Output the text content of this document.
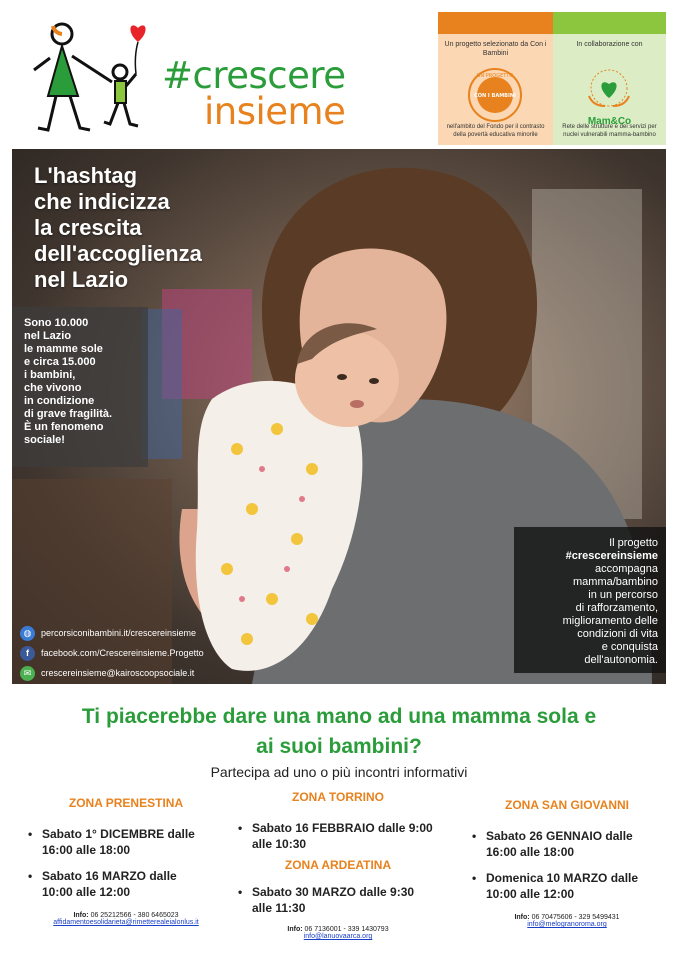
#crescere
insieme
Un progetto selezionato da Con i Bambini
UN PROGETTO
CON I BAMBINI
nell'ambito del Fondo per il contrasto della povertà educativa minorile
In collaborazione con
Mam&Co
Rete delle strutture e dei servizi per nuclei vulnerabili mamma-bambino
L'hashtag
che indicizza
la crescita
dell'accoglienza
nel Lazio
Sono 10.000
nel Lazio
le mamme sole
e circa 15.000
i bambini,
che vivono
in condizione
di grave fragilità.
È un fenomeno
sociale!
Il progetto
#crescereinsieme
accompagna
mamma/bambino
in un percorso
di rafforzamento,
miglioramento delle
condizioni di vita
e conquista
dell'autonomia.
◍	percorsiconibambini.it/crescereinsieme
f	facebook.com/Crescereinsieme.Progetto
✉	crescereinsieme@kairoscoopsociale.it
Ti piacerebbe dare una mano ad una mamma sola e
ai suoi bambini?
Partecipa ad uno o più incontri informativi
ZONA PRENESTINA
• Sabato 1° DICEMBRE dalle
16:00 alle 18:00
• Sabato 16 MARZO dalle
10:00 alle 12:00
Info: 06 25212566 - 380 6465023
affidamentoesolidarieta@rimetterealeialonlus.it
ZONA TORRINO
• Sabato 16 FEBBRAIO dalle 9:00
alle 10:30
ZONA ARDEATINA
• Sabato 30 MARZO dalle 9:30
alle 11:30
Info: 06 7136001 - 339 1430793
info@lanuovaarca.org
ZONA SAN GIOVANNI
• Sabato 26 GENNAIO dalle
16:00 alle 18:00
• Domenica 10 MARZO dalle
10:00 alle 12:00
Info: 06 70475606 - 329 5499431
info@melogranoroma.org
